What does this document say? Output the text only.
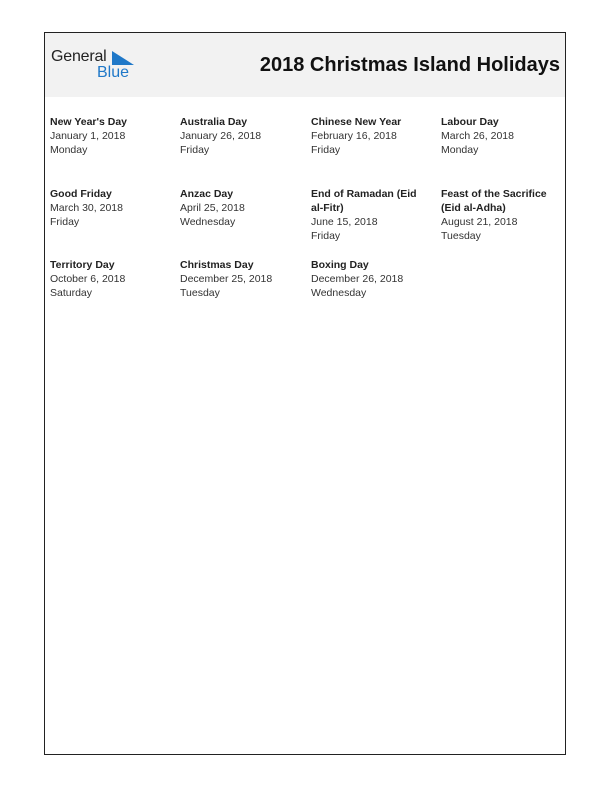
General
Blue	2018 Christmas Island Holidays
New Year's Day
January 1, 2018
Monday
Australia Day
January 26, 2018
Friday
Chinese New Year
February 16, 2018
Friday
Labour Day
March 26, 2018
Monday
Good Friday
March 30, 2018
Friday
Anzac Day
April 25, 2018
Wednesday
End of Ramadan (Eid al-Fitr)
June 15, 2018
Friday
Feast of the Sacrifice (Eid al-Adha)
August 21, 2018
Tuesday
Territory Day
October 6, 2018
Saturday
Christmas Day
December 25, 2018
Tuesday
Boxing Day
December 26, 2018
Wednesday
